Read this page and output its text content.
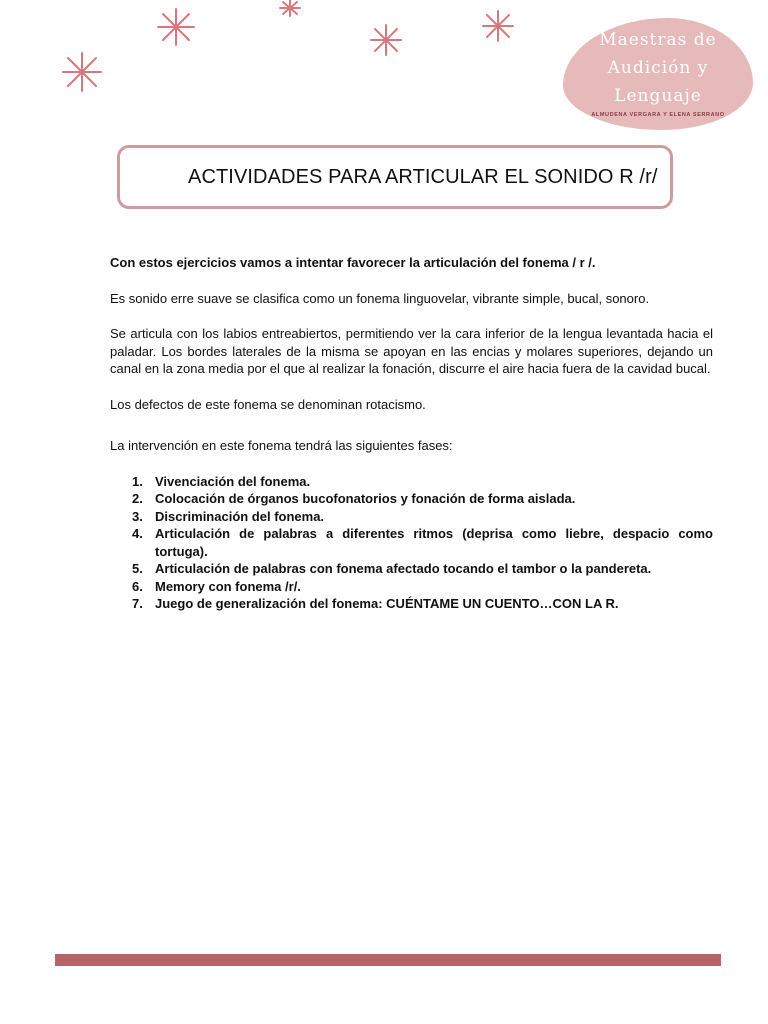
Maestras de
Audición y
Lenguaje
ALMUDENA VERGARA Y ELENA SERRANO
ACTIVIDADES PARA ARTICULAR EL SONIDO R /r/

Con estos ejercicios vamos a intentar favorecer la articulación del fonema / r /.

Es sonido erre suave se clasifica como un fonema linguovelar, vibrante simple, bucal, sonoro.

Se articula con los labios entreabiertos, permitiendo ver la cara inferior de la lengua levantada hacia el paladar. Los bordes laterales de la misma se apoyan en las encias y molares superiores, dejando un canal en la zona media por el que al realizar la fonación, discurre el aire hacia fuera de la cavidad bucal.

Los defectos de este fonema se denominan rotacismo.

La intervención en este fonema tendrá las siguientes fases:

1. Vivenciación del fonema.
2. Colocación de órganos bucofonatorios y fonación de forma aislada.
3. Discriminación del fonema.
4. Articulación de palabras a diferentes ritmos (deprisa como liebre, despacio como tortuga).
5. Articulación de palabras con fonema afectado tocando el tambor o la pandereta.
6. Memory con fonema /r/.
7. Juego de generalización del fonema: CUÉNTAME UN CUENTO…CON LA R.
